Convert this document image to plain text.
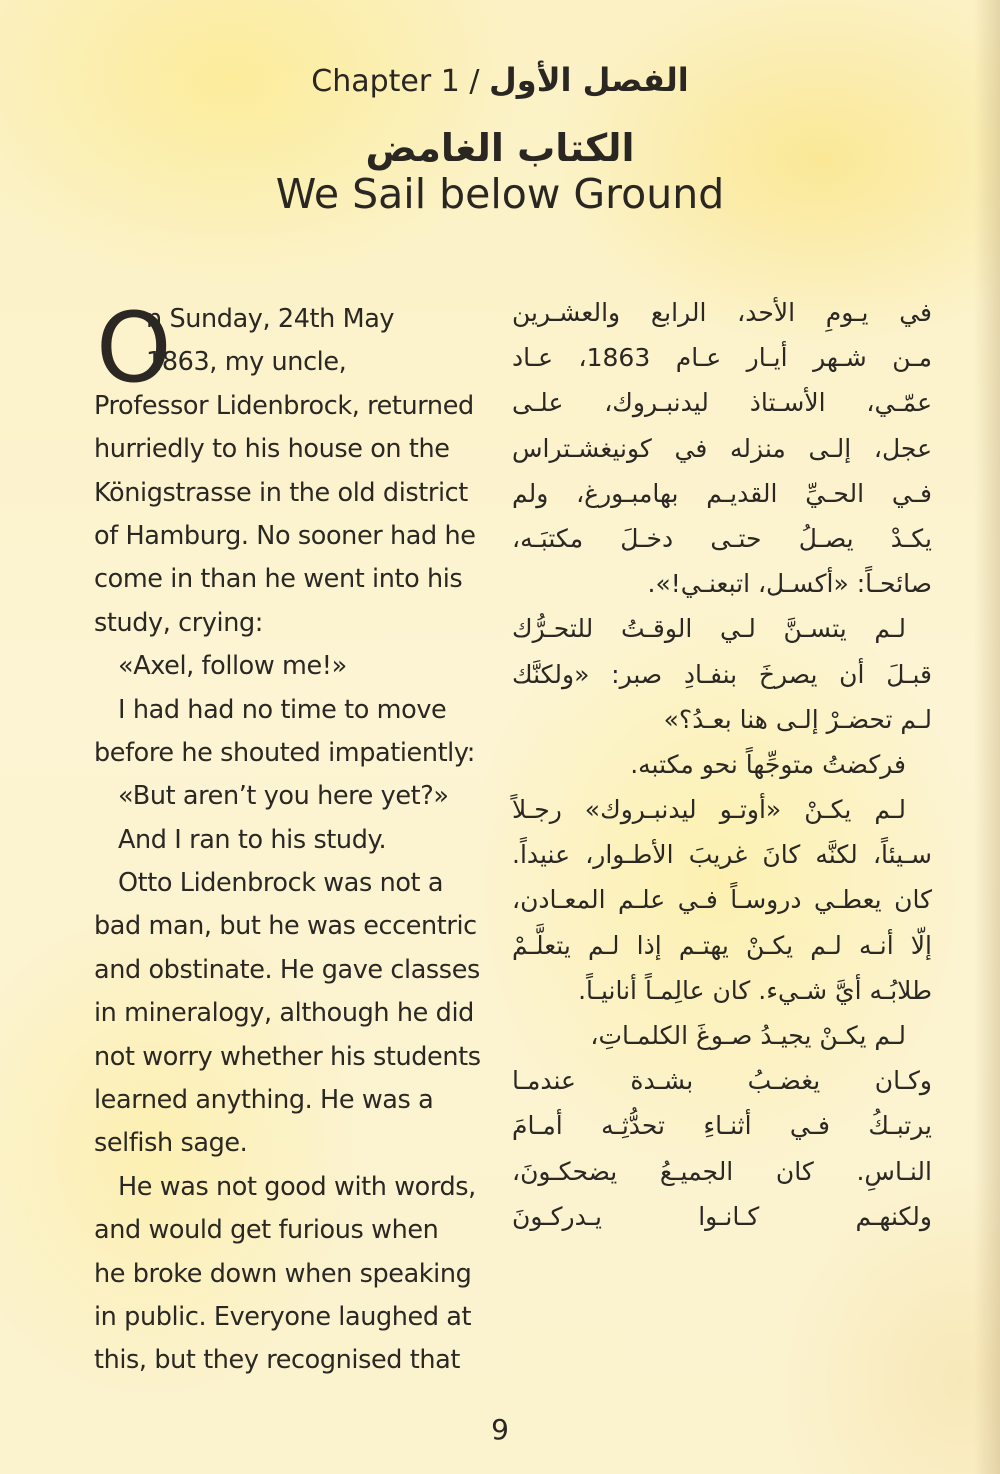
Chapter 1 / الفصل الأول
الكتاب الغامض
We Sail below Ground
O
n Sunday, 24th May
1863, my uncle,
Professor Lidenbrock, returned
hurriedly to his house on the
Königstrasse in the old district
of Hamburg. No sooner had he
come in than he went into his
study, crying:
«Axel, follow me!»
I had had no time to move
before he shouted impatiently:
«But aren’t you here yet?»
And I ran to his study.
Otto Lidenbrock was not a
bad man, but he was eccentric
and obstinate. He gave classes
in mineralogy, although he did
not worry whether his students
learned anything. He was a
selfish sage.
He was not good with words,
and would get furious when
he broke down when speaking
in public. Everyone laughed at
this, but they recognised that
في يـومِ الأحد، الرابع والعشـرين
مـن شـهر أيـار عـام 1863، عـاد
عمّـي، الأسـتاذ ليدنبـروك، علـى
عجل، إلـى منزله في كونيغشـتراس
فـي الحـيِّ القديـم بهامبـورغ، ولم
يكـدْ يصـلُ حتـى دخـلَ مكتبَـه،
صائحـاً: «أكسـل، اتبعنـي!».
لـم يتسـنَّ لـي الوقـتُ للتحـرُّك
قبـلَ أن يصرخَ بنفـادِ صبر: «ولكنَّك
لـم تحضـرْ إلـى هنا بعـدُ؟»
فركضتُ متوجِّهاً نحو مكتبه.
لـم يكـنْ «أوتـو ليدنبـروك» رجـلاً
سـيئاً، لكنَّه كانَ غريبَ الأطـوار، عنيداً.
كان يعطـي دروسـاً فـي علـم المعـادن،
إلّا أنـه لـم يكـنْ يهتـم إذا لـم يتعلَّـمْ
طلابُـه أيَّ شـيء. كان عالِمـاً أنانيـاً.
لـم يكـنْ يجيـدُ صـوغَ الكلمـاتِ،
وكـان يغضـبُ بشـدة عندمـا
يرتبـكُ فـي أثنـاءِ تحدُّثِـه أمـامَ
النـاسِ. كان الجميـعُ يضحكـونَ،
ولكنهـم كـانـوا يـدركـونَ
9
